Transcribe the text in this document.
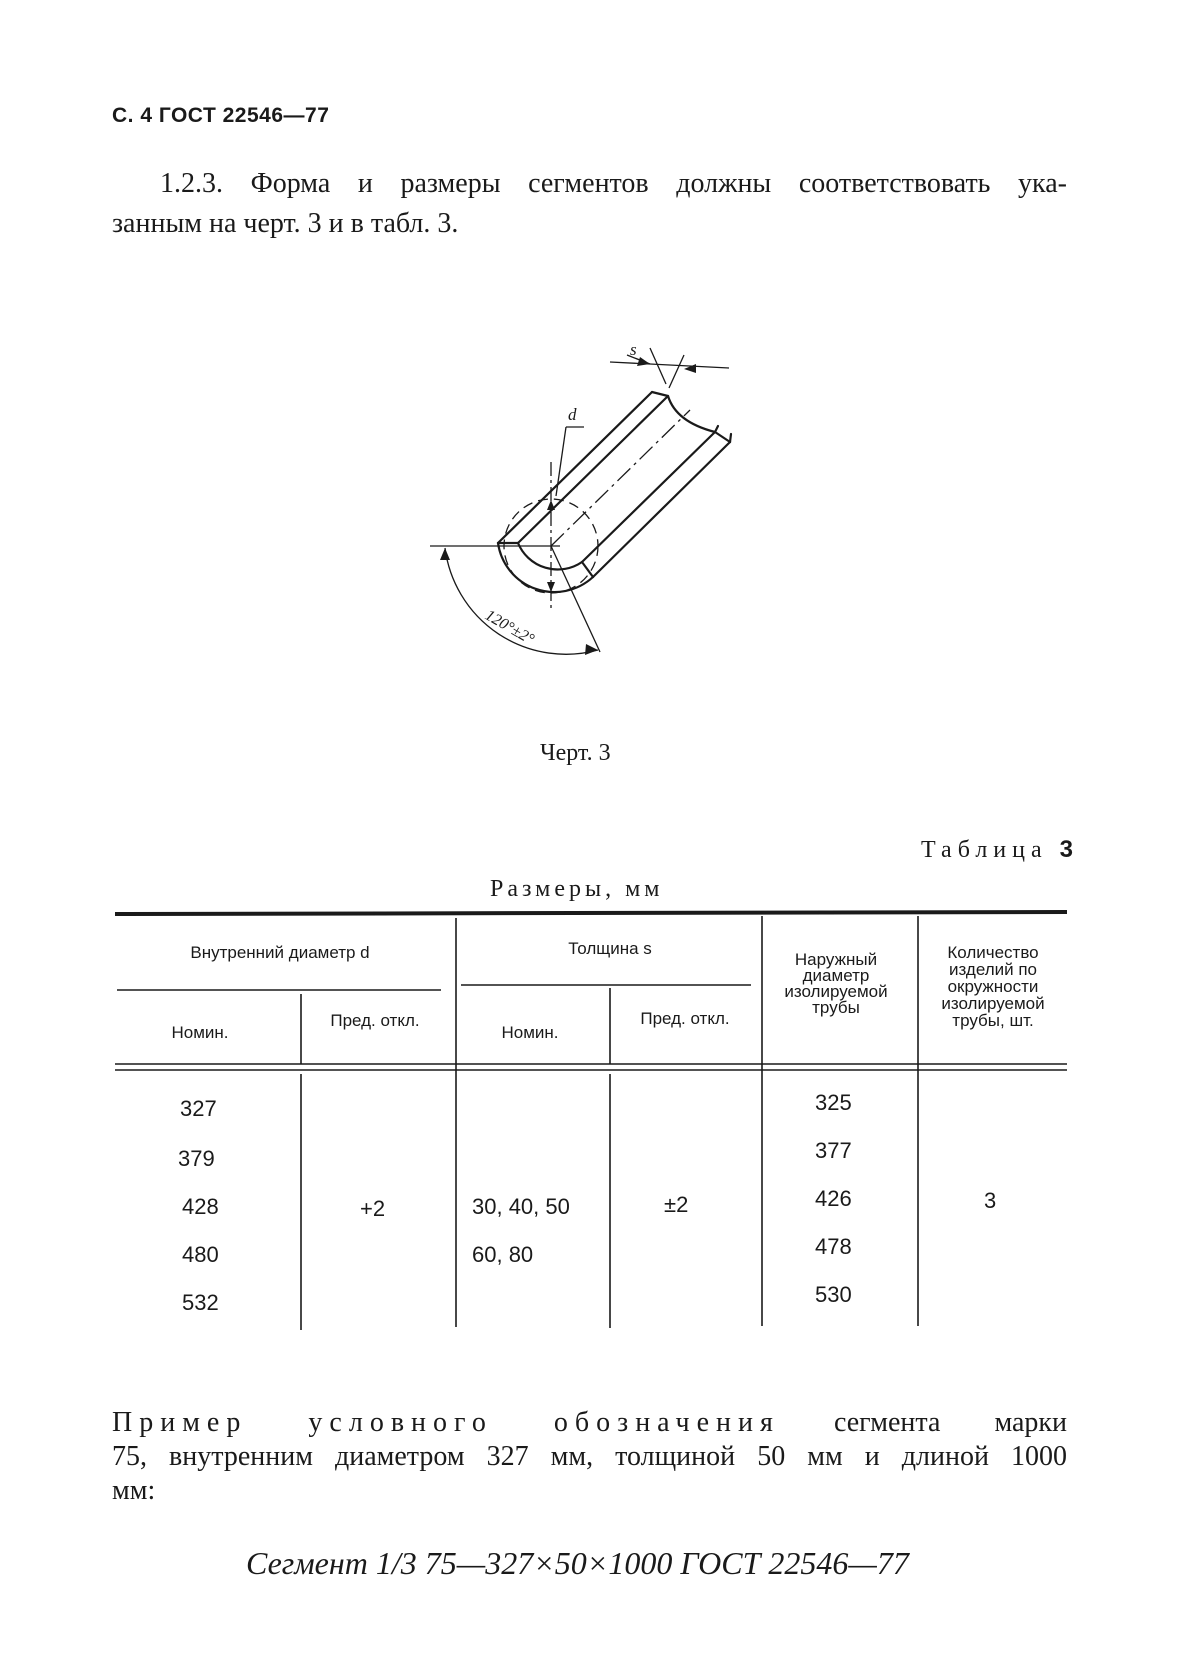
С. 4 ГОСТ 22546—77
1.2.3. Форма и размеры сегментов должны соответствовать ука-
занным на черт. 3 и в табл. 3.
s
d
120°±2°
Черт. 3
Таблица 3
Размеры, мм
Внутренний диаметр d	Толщина s
Наружный диаметр изолируемой трубы
Количество изделий по окружности изолируемой трубы, шт.
Номин.
Пред. откл.
Номин.
Пред. откл.
327
379
428
480
532
+2	30, 40, 50
60, 80
±2
325
377
426
478
530
3
Пример условного обозначения сегмента марки
75, внутренним диаметром 327 мм, толщиной 50 мм и длиной 1000
мм:
Сегмент 1/3 75—327×50×1000 ГОСТ 22546—77
